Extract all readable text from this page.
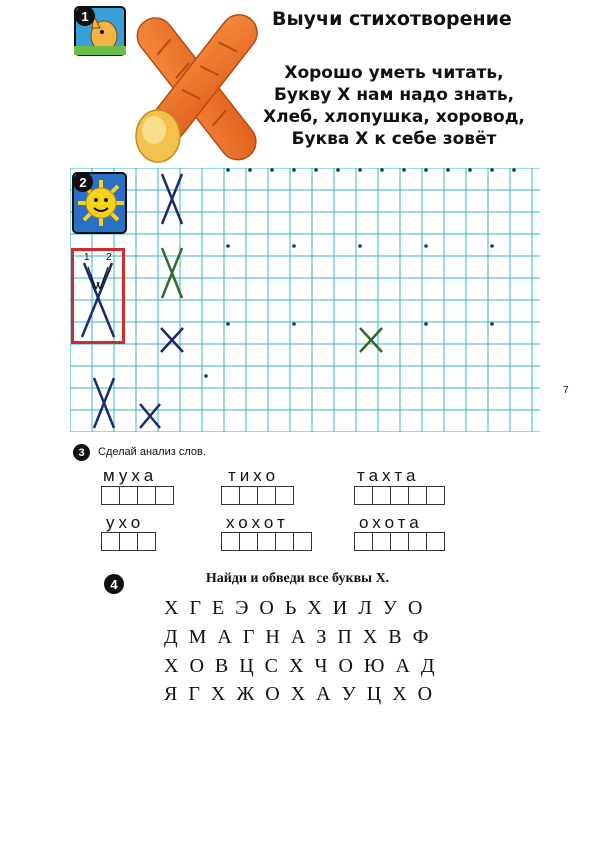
1	Выучи стихотворение
Хорошо уметь читать,
Букву Х нам надо знать,
Хлеб, хлопушка, хоровод,
Буква Х к себе зовёт
2
1 2
3	Сделай анализ слов.
муха	тихо	тахта
ухо	хохот	охота
4	Найди и обведи все буквы Х.
Х Г Е Э О Ь Х И Л У О
Д М А Г Н А З П Х В Ф
Х О В Ц С Х Ч О Ю А Д
Я Г Х Ж О Х А У Ц Х О
7
